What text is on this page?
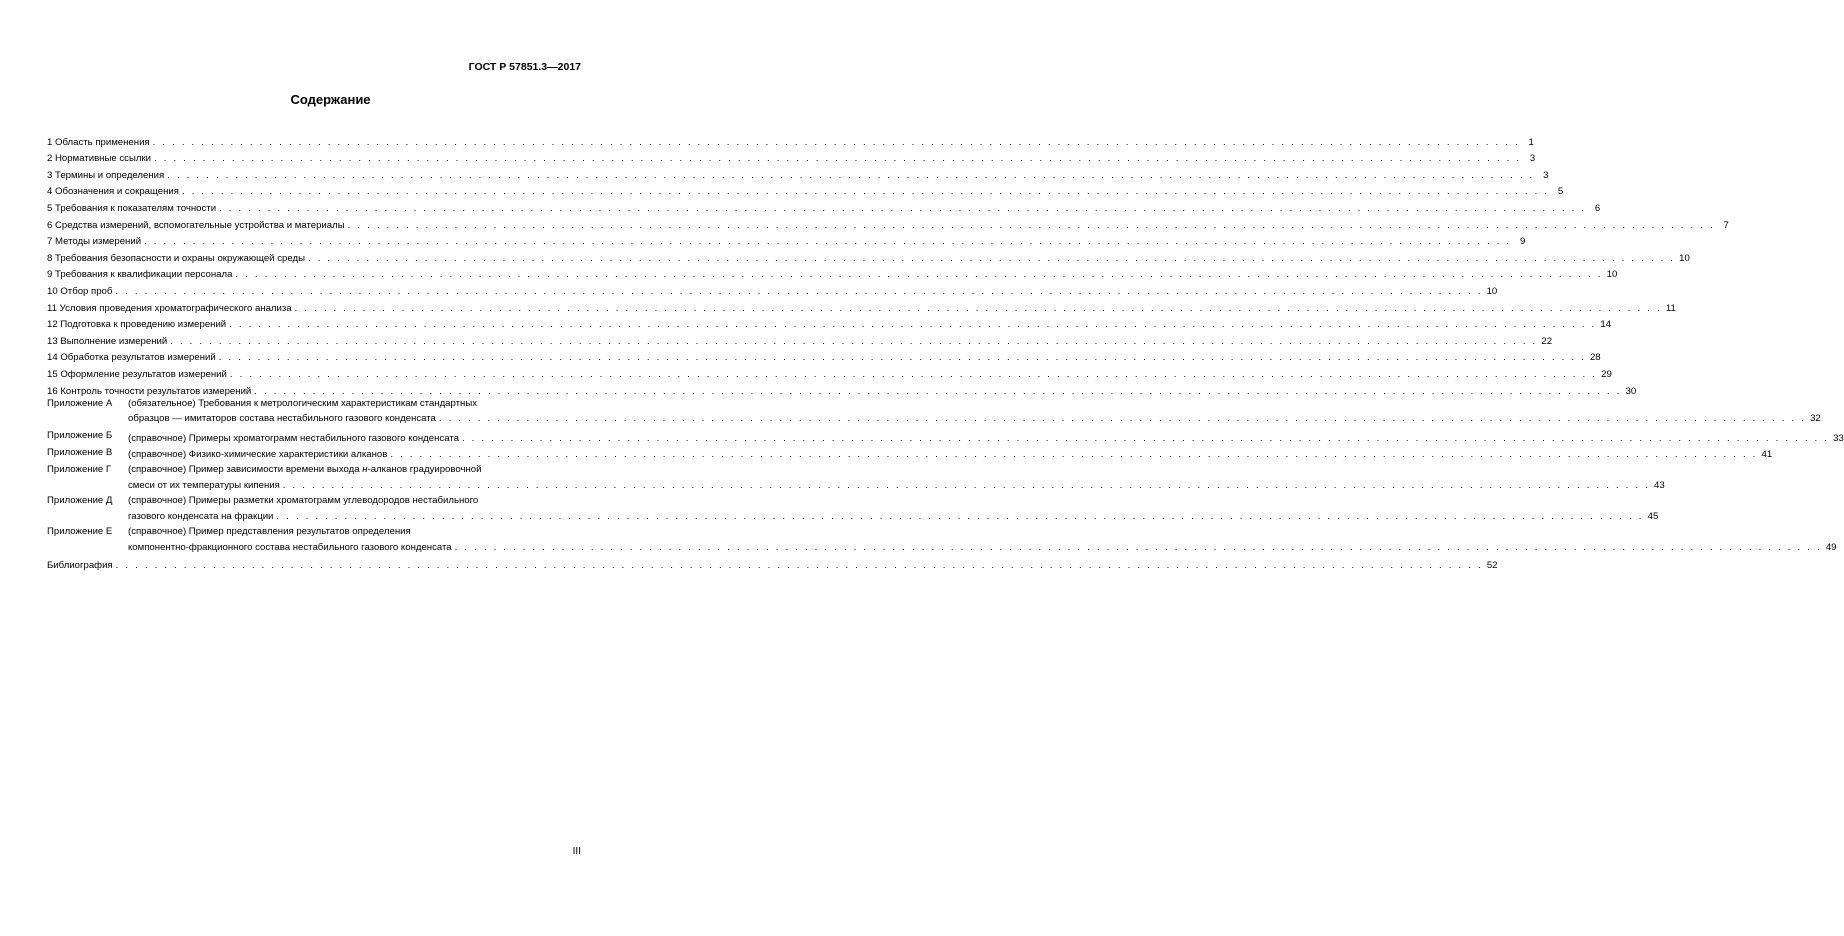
ГОСТ Р 57851.3—2017
Содержание
1 Область применения . . .	1
2 Нормативные ссылки . . .	3
3 Термины и определения . . .	3
4 Обозначения и сокращения . . .	5
5 Требования к показателям точности . . .	6
6 Средства измерений, вспомогательные устройства и материалы . . .	7
7 Методы измерений . . .	9
8 Требования безопасности и охраны окружающей среды . . .	10
9 Требования к квалификации персонала . . .	10
10 Отбор проб . . .	10
11 Условия проведения хроматографического анализа . . .	11
12 Подготовка к проведению измерений . . .	14
13 Выполнение измерений . . .	22
14 Обработка результатов измерений . . .	28
15 Оформление результатов измерений . . .	29
16 Контроль точности результатов измерений . . .	30
Приложение А	(обязательное) Требования к метрологическим характеристикам стандартных
образцов — имитаторов состава нестабильного газового конденсата . . .	32
Приложение Б	(справочное) Примеры хроматограмм нестабильного газового конденсата . . .	33
Приложение В	(справочное) Физико-химические характеристики алканов . . .	41
Приложение Г	(справочное) Пример зависимости времени выхода н-алканов градуировочной
смеси от их температуры кипения . . .	43
Приложение Д	(справочное) Примеры разметки хроматограмм углеводородов нестабильного
газового конденсата на фракции . . .	45
Приложение Е	(справочное) Пример представления результатов определения
компонентно-фракционного состава нестабильного газового конденсата . . .	49
Библиография . . .	52
III
